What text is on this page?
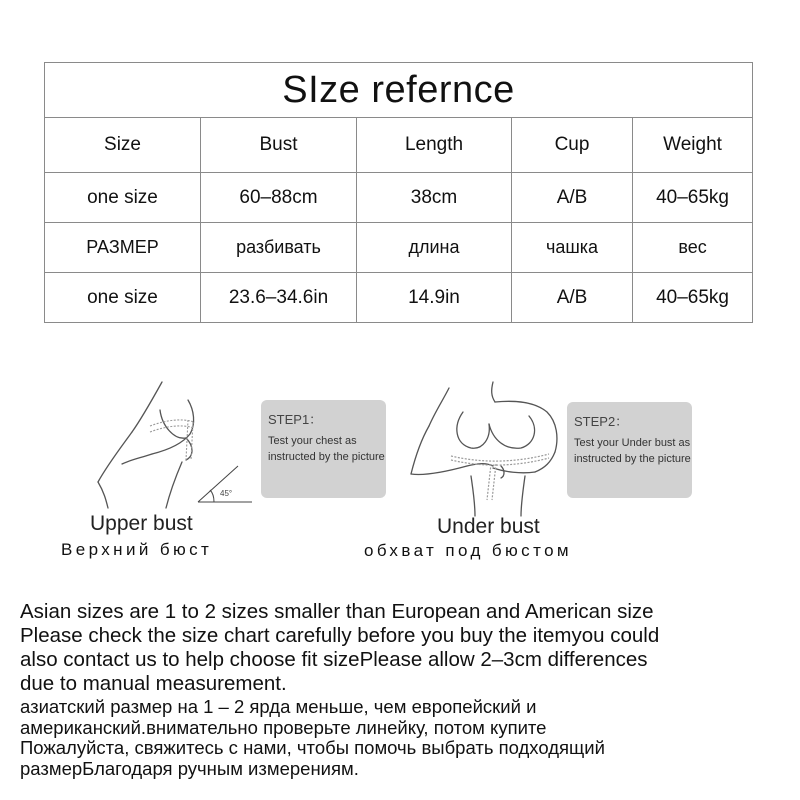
SIze refernce				
Size	Bust	Length	Cup	Weight
one size	60–88cm	38cm	A/B	40–65kg
РАЗМЕР	разбивать	длина	чашка	вес
one size	23.6–34.6in	14.9in	A/B	40–65kg
45°
STEP1：
Test your chest as instructed by the picture
Upper bust
Верхний бюст
STEP2：
Test your Under bust as instructed by the picture
Under bust
обхват под бюстом

Asian sizes are 1 to 2 sizes smaller than European and American size

Please check the size chart carefully before you buy the itemyou could

also contact us to help choose fit sizePlease allow 2–3cm differences

due to manual measurement.

азиатский размер на 1 – 2 ярда меньше, чем европейский и

американский.внимательно проверьте линейку, потом купите

Пожалуйста, свяжитесь с нами, чтобы помочь выбрать подходящий

размерБлагодаря ручным измерениям.
